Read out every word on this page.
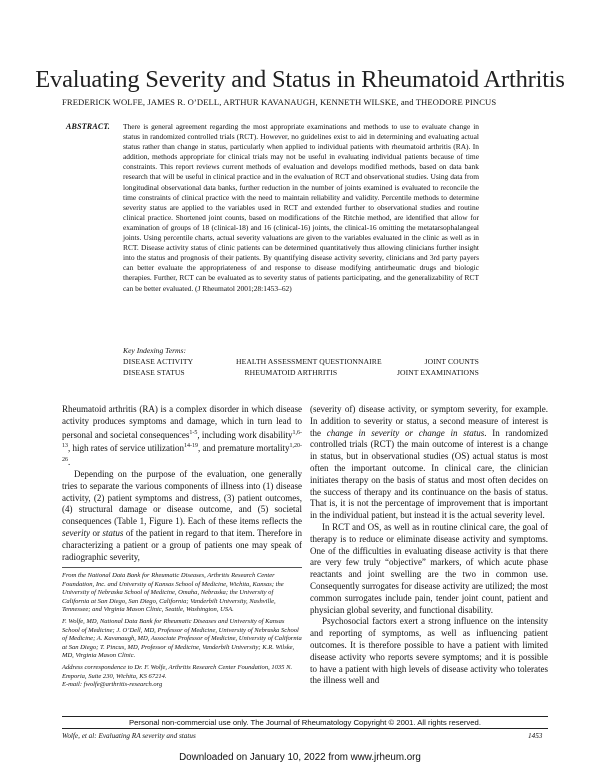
Evaluating Severity and Status in Rheumatoid Arthritis
FREDERICK WOLFE, JAMES R. O’DELL, ARTHUR KAVANAUGH, KENNETH WILSKE, and THEODORE PINCUS
ABSTRACT. There is general agreement regarding the most appropriate examinations and methods to use to evaluate change in status in randomized controlled trials (RCT). However, no guidelines exist to aid in determining and evaluating actual status rather than change in status, particularly when applied to individual patients with rheumatoid arthritis (RA). In addition, methods appropriate for clinical trials may not be useful in evaluating individual patients because of time constraints. This report reviews current methods of evaluation and develops modified methods, based on data bank research that will be useful in clinical practice and in the evaluation of RCT and observational studies. Using data from longitudinal observational data banks, further reduction in the number of joints examined is evaluated to reconcile the time constraints of clinical practice with the need to maintain reliability and validity. Percentile methods to determine severity status are applied to the variables used in RCT and extended further to observational studies and routine clinical practice. Shortened joint counts, based on modifications of the Ritchie method, are identified that allow for examination of groups of 18 (clinical-18) and 16 (clinical-16) joints, the clinical-16 omitting the metatarsophalangeal joints. Using percentile charts, actual severity valuations are given to the variables evaluated in the clinic as well as in RCT. Disease activity status of clinic patients can be determined quantitatively thus allowing clinicians further insight into the status and prognosis of their patients. By quantifying disease activity severity, clinicians and 3rd party payers can better evaluate the appropriateness of and response to disease modifying antirheumatic drugs and biologic therapies. Further, RCT can be evaluated as to severity status of patients participating, and the generalizability of RCT can be better evaluated. (J Rheumatol 2001;28:1453–62)
Key Indexing Terms:
DISEASE ACTIVITY	HEALTH ASSESSMENT QUESTIONNAIRE	JOINT COUNTS
DISEASE STATUS	RHEUMATOID ARTHRITIS	JOINT EXAMINATIONS

Rheumatoid arthritis (RA) is a complex disorder in which disease activity produces symptoms and damage, which in turn lead to personal and societal consequences$^{1-5}$, including work disability$^{1,6-13}$, high rates of service utilization$^{14-19}$, and premature mortality$^{1,20-26}$.

Depending on the purpose of the evaluation, one generally tries to separate the various components of illness into (1) disease activity, (2) patient symptoms and distress, (3) patient outcomes, (4) structural damage or disease outcome, and (5) societal consequences (Table 1, Figure 1). Each of these items reflects the severity or status of the patient in regard to that item. Therefore in characterizing a patient or a group of patients one may speak of radiographic severity,

From the National Data Bank for Rheumatic Diseases, Arthritis Research Center Foundation, Inc. and University of Kansas School of Medicine, Wichita, Kansas; the University of Nebraska School of Medicine, Omaha, Nebraska; the University of California at San Diego, San Diego, California; Vanderbilt University, Nashville, Tennessee; and Virginia Mason Clinic, Seattle, Washington, USA.

F. Wolfe, MD, National Data Bank for Rheumatic Diseases and University of Kansas School of Medicine; J. O’Dell, MD, Professor of Medicine, University of Nebraska School of Medicine; A. Kavanaugh, MD, Associate Professor of Medicine, University of California at San Diego; T. Pincus, MD, Professor of Medicine, Vanderbilt University; K.R. Wilske, MD, Virginia Mason Clinic.

Address correspondence to Dr. F. Wolfe, Arthritis Research Center Foundation, 1035 N. Emporia, Suite 230, Wichita, KS 67214.

E-mail: fwolfe@arthritis-research.org

(severity of) disease activity, or symptom severity, for example. In addition to severity or status, a second measure of interest is the change in severity or change in status. In randomized controlled trials (RCT) the main outcome of interest is a change in status, but in observational studies (OS) actual status is most often the important outcome. In clinical care, the clinician initiates therapy on the basis of status and most often decides on the success of therapy and its continuance on the basis of status. That is, it is not the percentage of improvement that is important in the individual patient, but instead it is the actual severity level.

In RCT and OS, as well as in routine clinical care, the goal of therapy is to reduce or eliminate disease activity and symptoms. One of the difficulties in evaluating disease activity is that there are very few truly “objective” markers, of which acute phase reactants and joint swelling are the two in common use. Consequently surrogates for disease activity are utilized; the most common surrogates include pain, tender joint count, patient and physician global severity, and functional disability.

Psychosocial factors exert a strong influence on the intensity and reporting of symptoms, as well as influencing patient outcomes. It is therefore possible to have a patient with limited disease activity who reports severe symptoms; and it is possible to have a patient with high levels of disease activity who tolerates the illness well and

Personal non-commercial use only. The Journal of Rheumatology Copyright © 2001. All rights reserved.
Wolfe, et al: Evaluating RA severity and status	1453
Downloaded on January 10, 2022 from www.jrheum.org
